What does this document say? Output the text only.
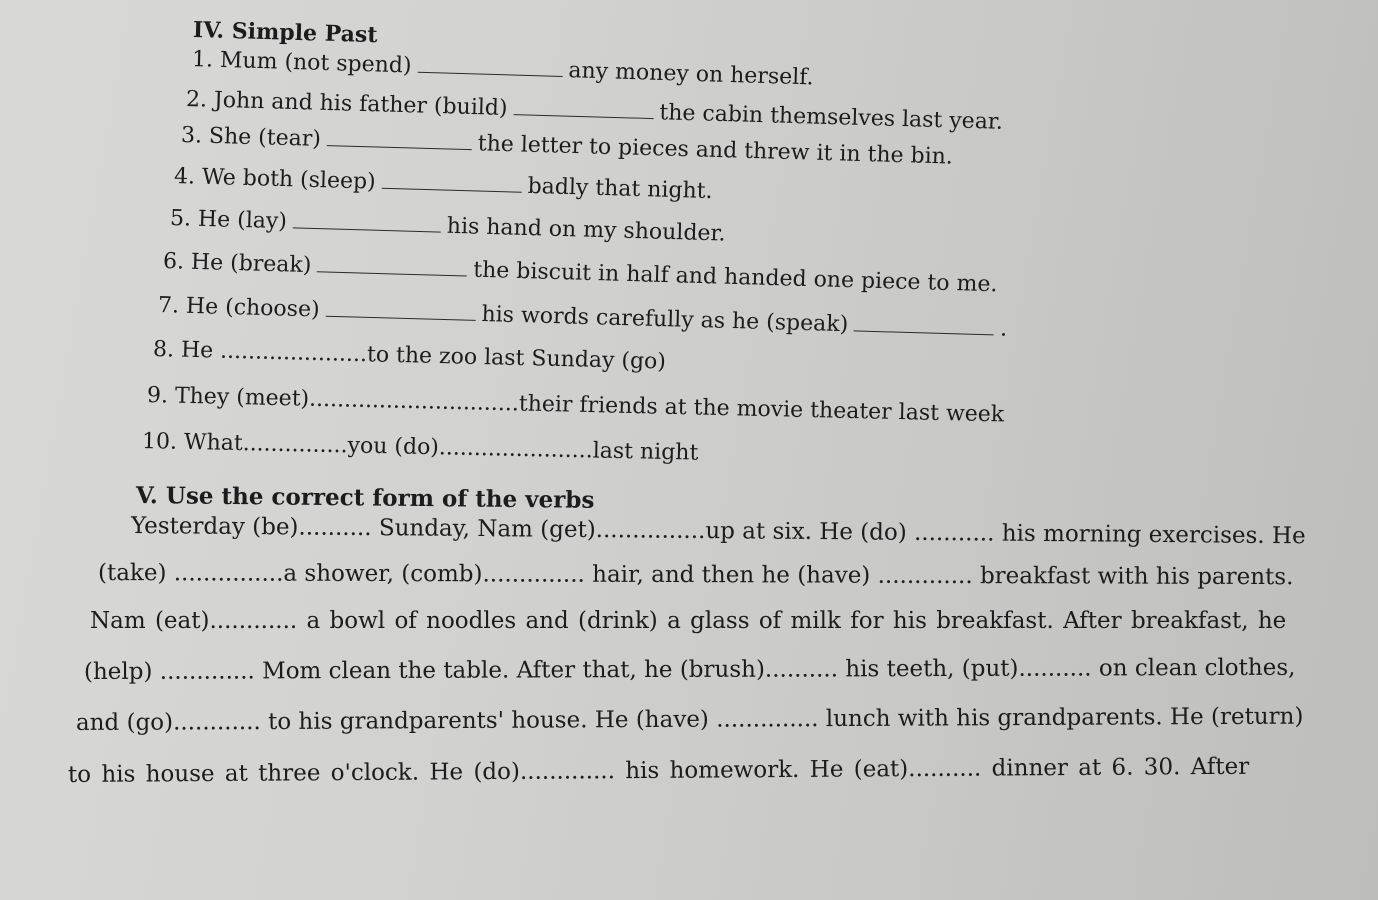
IV. Simple Past
1. Mum (not spend)	any money on herself.
2. John and his father (build)	the cabin themselves last year.
3. She (tear)	the letter to pieces and threw it in the bin.
4. We both (sleep)	badly that night.
5. He (lay)	his hand on my shoulder.
6. He (break)	the biscuit in half and handed one piece to me.
7. He (choose)	his words carefully as he (speak)	.
8. He .....................to the zoo last Sunday (go)
9. They (meet)..............................their friends at the movie theater last week
10. What...............you (do)......................last night
V. Use the correct form of the verbs
Yesterday (be).......... Sunday, Nam (get)...............up at six. He (do) ........... his morning exercises. He
(take) ...............a shower, (comb).............. hair, and then he (have) ............. breakfast with his parents.
Nam (eat)............ a bowl of noodles and (drink) a glass of milk for his breakfast. After breakfast, he
(help) ............. Mom clean the table. After that, he (brush).......... his teeth, (put).......... on clean clothes,
and (go)............ to his grandparents' house. He (have) .............. lunch with his grandparents. He (return)
to his house at three o'clock. He (do)............. his homework. He (eat).......... dinner at 6. 30. After
